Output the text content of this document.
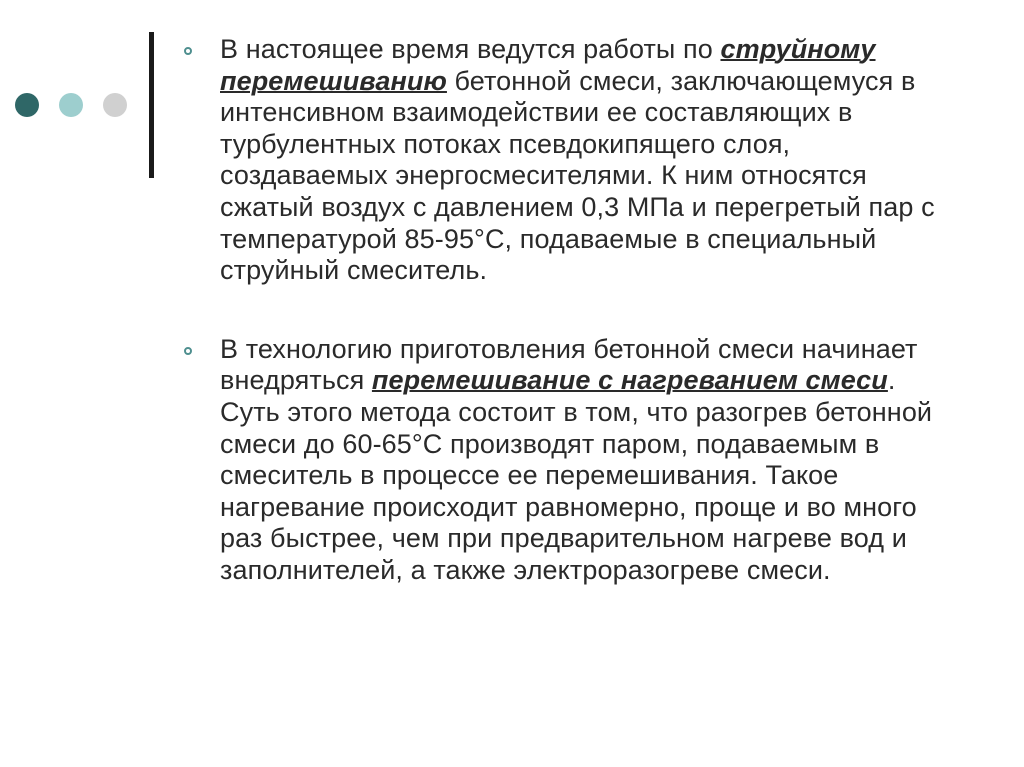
В настоящее время ведутся работы по струйному перемешиванию бетонной смеси, заключающемуся в интенсивном взаимодействии ее составляющих в турбулентных потоках псевдокипящего слоя, создаваемых энергосмесителями. К ним относятся сжатый воздух с давлением 0,3 МПа и перегретый пар с температурой 85-95°С, подаваемые в специальный струйный смеситель.
В технологию приготовления бетонной смеси начинает внедряться перемешивание с нагреванием смеси. Суть этого метода состоит в том, что разогрев бетонной смеси до 60-65°С производят паром, подаваемым в смеситель в процессе ее перемешивания. Такое нагревание происходит равномерно, проще и во много раз быстрее, чем при предварительном нагреве вод и заполнителей, а также электроразогреве смеси.
